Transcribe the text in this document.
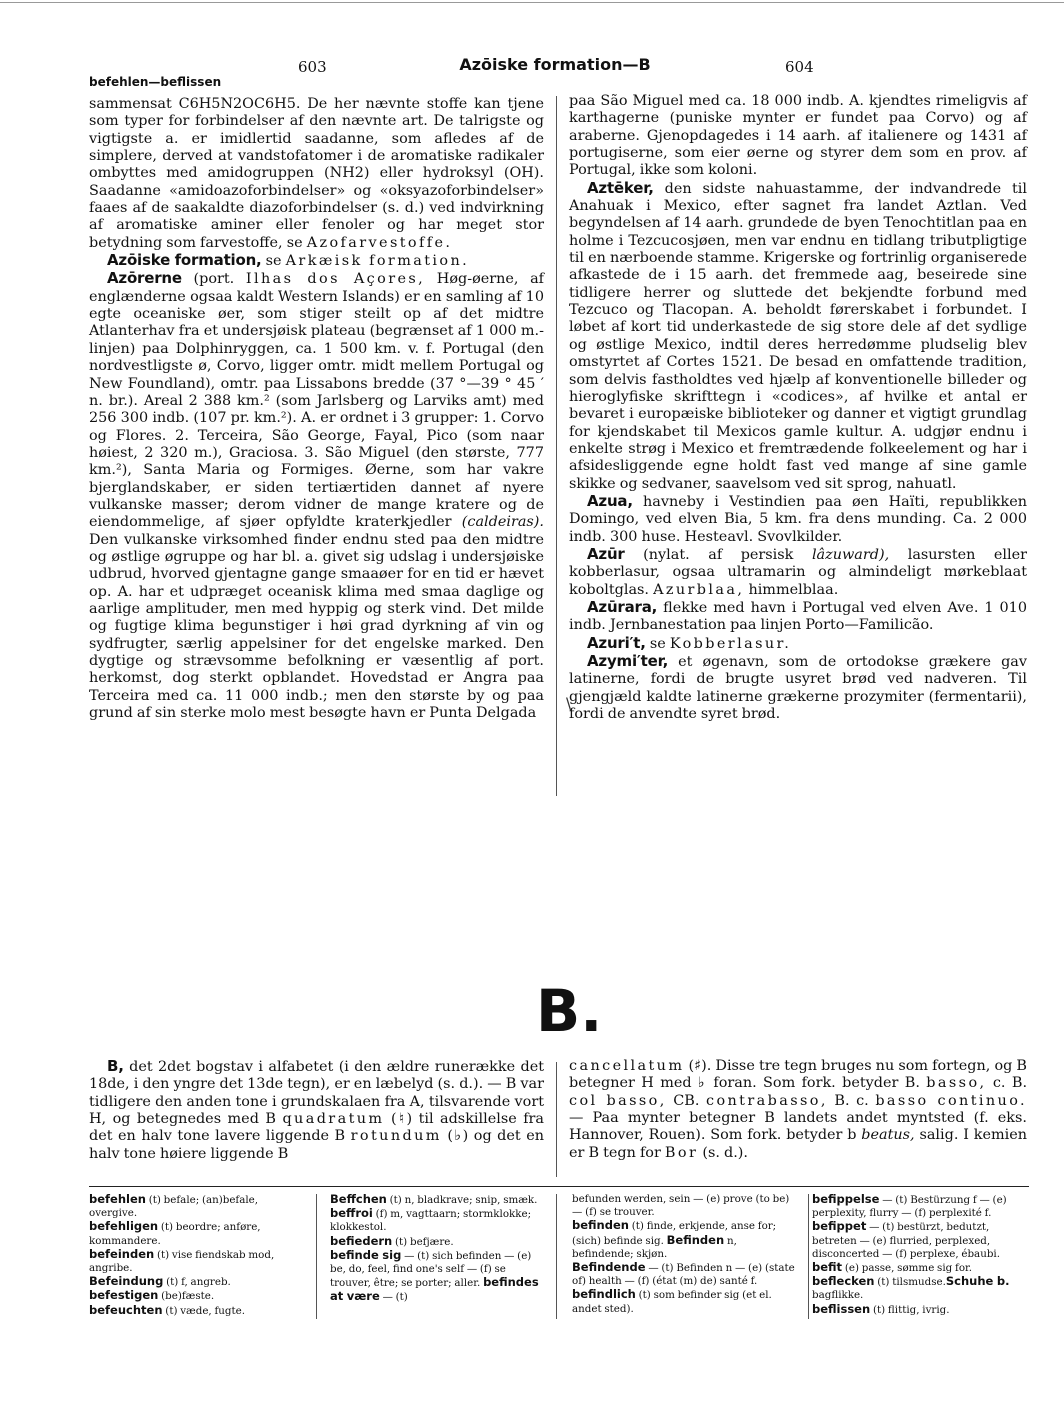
603	Azōiske formation—B	604
befehlen—beflissen

sammensat C6H5N2OC6H5. De her nævnte stoffe kan tjene som typer for forbindelser af den nævnte art. De talrigste og vigtigste a. er imidlertid saadanne, som afledes af de simplere, derved at vandstofatomer i de aromatiske radikaler ombyttes med amidogruppen (NH2) eller hydroksyl (OH). Saadanne «amidoazoforbindelser» og «oksyazoforbindelser» faaes af de saakaldte diazoforbindelser (s. d.) ved indvirkning af aromatiske aminer eller fenoler og har meget stor betydning som farvestoffe, se Azofarvestoffe.

Azōiske formation, se Arkæisk formation.

Azōrerne (port. Ilhas dos Açores, Høg-øerne, af englænderne ogsaa kaldt Western Islands) er en samling af 10 egte oceaniske øer, som stiger steilt op af det midtre Atlanterhav fra et undersjøisk plateau (begrænset af 1 000 m.-linjen) paa Dolphinryggen, ca. 1 500 km. v. f. Portugal (den nordvestligste ø, Corvo, ligger omtr. midt mellem Portugal og New Foundland), omtr. paa Lissabons bredde (37 °—39 ° 45 ′ n. br.). Areal 2 388 km.² (som Jarlsberg og Larviks amt) med 256 300 indb. (107 pr. km.²). A. er ordnet i 3 grupper: 1. Corvo og Flores. 2. Terceira, São George, Fayal, Pico (som naar høiest, 2 320 m.), Graciosa. 3. São Miguel (den største, 777 km.²), Santa Maria og Formiges. Øerne, som har vakre bjerglandskaber, er siden tertiærtiden dannet af nyere vulkanske masser; derom vidner de mange kratere og de eiendommelige, af sjøer opfyldte kraterkjedler (caldeiras). Den vulkanske virksomhed finder endnu sted paa den midtre og østlige øgruppe og har bl. a. givet sig udslag i undersjøiske udbrud, hvorved gjentagne gange smaaøer for en tid er hævet op. A. har et udpræget oceanisk klima med smaa daglige og aarlige amplituder, men med hyppig og sterk vind. Det milde og fugtige klima begunstiger i høi grad dyrkning af vin og sydfrugter, særlig appelsiner for det engelske marked. Den dygtige og strævsomme befolkning er væsentlig af port. herkomst, dog sterkt opblandet. Hovedstad er Angra paa Terceira med ca. 11 000 indb.; men den største by og paa grund af sin sterke molo mest besøgte havn er Punta Delgada

paa São Miguel med ca. 18 000 indb. A. kjendtes rimeligvis af karthagerne (puniske mynter er fundet paa Corvo) og af araberne. Gjenopdagedes i 14 aarh. af italienere og 1431 af portugiserne, som eier øerne og styrer dem som en prov. af Portugal, ikke som koloni.

Aztēker, den sidste nahuastamme, der indvandrede til Anahuak i Mexico, efter sagnet fra landet Aztlan. Ved begyndelsen af 14 aarh. grundede de byen Tenochtitlan paa en holme i Tezcucosjøen, men var endnu en tidlang tributpligtige til en nærboende stamme. Krigerske og fortrinlig organiserede afkastede de i 15 aarh. det fremmede aag, beseirede sine tidligere herrer og sluttede det bekjendte forbund med Tezcuco og Tlacopan. A. beholdt førerskabet i forbundet. I løbet af kort tid underkastede de sig store dele af det sydlige og østlige Mexico, indtil deres herredømme pludselig blev omstyrtet af Cortes 1521. De besad en omfattende tradition, som delvis fastholdtes ved hjælp af konventionelle billeder og hieroglyfiske skrifttegn i «codices», af hvilke et antal er bevaret i europæiske biblioteker og danner et vigtigt grundlag for kjendskabet til Mexicos gamle kultur. A. udgjør endnu i enkelte strøg i Mexico et fremtrædende folkeelement og har i afsidesliggende egne holdt fast ved mange af sine gamle skikke og sedvaner, saavelsom ved sit sprog, nahuatl.

Azua, havneby i Vestindien paa øen Haïti, republikken Domingo, ved elven Bia, 5 km. fra dens munding. Ca. 2 000 indb. 300 huse. Hesteavl. Svovlkilder.

Azūr (nylat. af persisk lâzuward), lasursten eller kobberlasur, ogsaa ultramarin og almindeligt mørkeblaat koboltglas. Azurblaa, himmelblaa.

Azūrara, flekke med havn i Portugal ved elven Ave. 1 010 indb. Jernbanestation paa linjen Porto—Familicão.

Azuri′t, se Kobberlasur.

Azymi′ter, et øgenavn, som de ortodokse grækere gav latinerne, fordi de brugte usyret brød ved nadveren. Til gjengjæld kaldte latinerne grækerne prozymiter (fermentarii), fordi de anvendte syret brød.

\
B.

B, det 2det bogstav i alfabetet (i den ældre runerække det 18de, i den yngre det 13de tegn), er en læbelyd (s. d.). — B var tidligere den anden tone i grundskalaen fra A, tilsvarende vort H, og betegnedes med B quadratum (♮) til adskillelse fra det en halv tone lavere liggende B rotundum (♭) og det en halv tone høiere liggende B

cancellatum (♯). Disse tre tegn bruges nu som fortegn, og B betegner H med ♭ foran. Som fork. betyder B. basso, c. B. col basso, CB. contrabasso, B. c. basso continuo. — Paa mynter betegner B landets andet myntsted (f. eks. Hannover, Rouen). Som fork. betyder b beatus, salig. I kemien er B tegn for Bor (s. d.).

befehlen (t) befale; (an)befale, overgive.

befehligen (t) beordre; anføre, kommandere.

befeinden (t) vise fiendskab mod, angribe.

Befeindung (t) f, angreb.

befestigen (be)fæste.

befeuchten (t) væde, fugte.

Beffchen (t) n, bladkrave; snip, smæk.

beffroi (f) m, vagttaarn; stormklokke; klokkestol.

befiedern (t) befjære.

befinde sig — (t) sich befinden — (e) be, do, feel, find one's self — (f) se trouver, être; se porter; aller. befindes at være — (t)

befunden werden, sein — (e) prove (to be) — (f) se trouver.

befinden (t) finde, erkjende, anse for; (sich) befinde sig. Befinden n, befindende; skjøn.

Befindende — (t) Befinden n — (e) (state of) health — (f) (état (m) de) santé f.

befindlich (t) som befinder sig (et el. andet sted).

befippelse — (t) Bestürzung f — (e) perplexity, flurry — (f) perplexité f.

befippet — (t) bestürzt, bedutzt, betreten — (e) flurried, perplexed, disconcerted — (f) perplexe, ébaubi.

befit (e) passe, sømme sig for.

beflecken (t) tilsmudse.Schuhe b. bagflikke.

beflissen (t) flittig, ivrig.
